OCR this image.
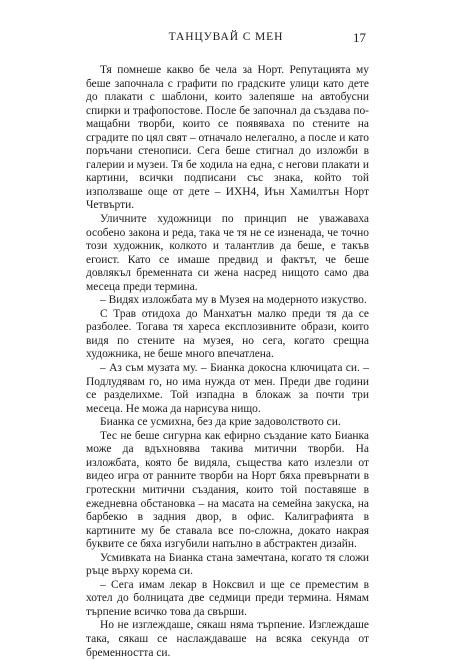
ТАНЦУВАЙ С МЕН	17

Тя помнеше какво бе чела за Норт. Репутацията му беше започнала с графити по градските улици като дете до плакати с шаблони, които залепяше на автобусни спирки и трафопостове. После бе започнал да създава по-мащабни творби, които се появяваха по стените на сградите по цял свят – отначало нелегално, а после и като поръчани стенописи. Сега беше стигнал до изложби в галерии и музеи. Тя бе ходила на една, с негови плакати и картини, всички подписани със знака, който той използваше още от дете – ИХН4, Иън Хамилтън Норт Четвърти.

Уличните художници по принцип не уважаваха особено закона и реда, така че тя не се изненада, че точно този художник, колкото и талантлив да беше, е такъв егоист. Като се имаше предвид и фактът, че беше довлякъл бременната си жена насред нищото само два месеца преди термина.

– Видях изложбата му в Музея на модерното изкуство.

С Трав отидоха до Манхатън малко преди тя да се разболее. Тогава тя хареса експлозивните образи, които видя по стените на музея, но сега, когато срещна художника, не беше много впечатлена.

– Аз съм музата му. – Бианка докосна ключицата си. – Подлудявам го, но има нужда от мен. Преди две години се разделихме. Той изпадна в блокаж за почти три месеца. Не можа да нарисува нищо.

Бианка се усмихна, без да крие задоволството си.

Тес не беше сигурна как ефирно създание като Бианка може да вдъхновява такива митични творби. На изложбата, която бе видяла, същества като излезли от видео игра от ранните творби на Норт бяха превърнати в гротескни митични създания, които той поставяше в ежедневна обстановка – на масата на семейна закуска, на барбекю в задния двор, в офис. Калиграфията в картините му бе ставала все по-сложна, докато накрая буквите се бяха изгубили напълно в абстрактен дизайн.

Усмивката на Бианка стана замечтана, когато тя сложи ръце върху корема си.

– Сега имам лекар в Ноксвил и ще се преместим в хотел до болницата две седмици преди термина. Нямам търпение всичко това да свърши.

Но не изглеждаше, сякаш няма търпение. Изглеждаше така, сякаш се наслаждаваше на всяка секунда от бременността си.
